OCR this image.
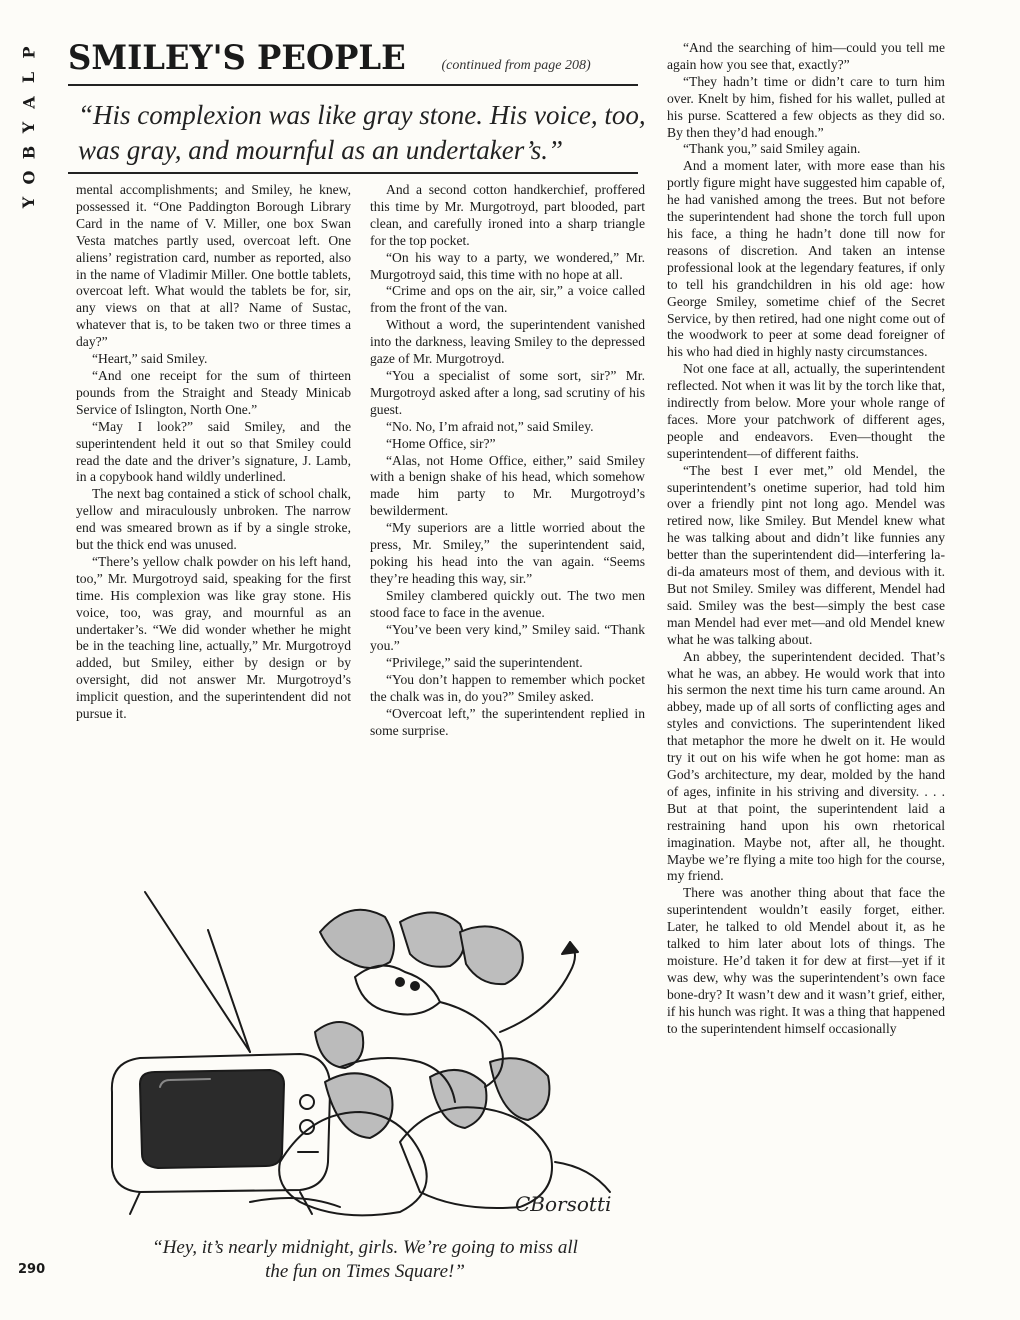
P
L
A
Y
B
O
Y
SMILEY'S PEOPLE	(continued from page 208)
“His complexion was like gray stone. His voice, too, was gray, and mournful as an undertaker’s.”

mental accomplishments; and Smiley, he knew, possessed it. “One Paddington Borough Library Card in the name of V. Miller, one box Swan Vesta matches partly used, overcoat left. One aliens’ registration card, number as reported, also in the name of Vladimir Miller. One bottle tablets, overcoat left. What would the tablets be for, sir, any views on that at all? Name of Sustac, whatever that is, to be taken two or three times a day?”

“Heart,” said Smiley.

“And one receipt for the sum of thirteen pounds from the Straight and Steady Minicab Service of Islington, North One.”

“May I look?” said Smiley, and the superintendent held it out so that Smiley could read the date and the driver’s signature, J. Lamb, in a copybook hand wildly underlined.

The next bag contained a stick of school chalk, yellow and miraculously unbroken. The narrow end was smeared brown as if by a single stroke, but the thick end was unused.

“There’s yellow chalk powder on his left hand, too,” Mr. Murgotroyd said, speaking for the first time. His complexion was like gray stone. His voice, too, was gray, and mournful as an undertaker’s. “We did wonder whether he might be in the teaching line, actually,” Mr. Murgotroyd added, but Smiley, either by design or by oversight, did not answer Mr. Murgotroyd’s implicit question, and the superintendent did not pursue it.

And a second cotton handkerchief, proffered this time by Mr. Murgotroyd, part blooded, part clean, and carefully ironed into a sharp triangle for the top pocket.

“On his way to a party, we wondered,” Mr. Murgotroyd said, this time with no hope at all.

“Crime and ops on the air, sir,” a voice called from the front of the van.

Without a word, the superintendent vanished into the darkness, leaving Smiley to the depressed gaze of Mr. Murgotroyd.

“You a specialist of some sort, sir?” Mr. Murgotroyd asked after a long, sad scrutiny of his guest.

“No. No, I’m afraid not,” said Smiley.

“Home Office, sir?”

“Alas, not Home Office, either,” said Smiley with a benign shake of his head, which somehow made him party to Mr. Murgotroyd’s bewilderment.

“My superiors are a little worried about the press, Mr. Smiley,” the superintendent said, poking his head into the van again. “Seems they’re heading this way, sir.”

Smiley clambered quickly out. The two men stood face to face in the avenue.

“You’ve been very kind,” Smiley said. “Thank you.”

“Privilege,” said the superintendent.

“You don’t happen to remember which pocket the chalk was in, do you?” Smiley asked.

“Overcoat left,” the superintendent replied in some surprise.

“And the searching of him—could you tell me again how you see that, exactly?”

“They hadn’t time or didn’t care to turn him over. Knelt by him, fished for his wallet, pulled at his purse. Scattered a few objects as they did so. By then they’d had enough.”

“Thank you,” said Smiley again.

And a moment later, with more ease than his portly figure might have suggested him capable of, he had vanished among the trees. But not before the superintendent had shone the torch full upon his face, a thing he hadn’t done till now for reasons of discretion. And taken an intense professional look at the legendary features, if only to tell his grandchildren in his old age: how George Smiley, sometime chief of the Secret Service, by then retired, had one night come out of the woodwork to peer at some dead foreigner of his who had died in highly nasty circumstances.

Not one face at all, actually, the superintendent reflected. Not when it was lit by the torch like that, indirectly from below. More your whole range of faces. More your patchwork of different ages, people and endeavors. Even—thought the superintendent—of different faiths.

“The best I ever met,” old Mendel, the superintendent’s onetime superior, had told him over a friendly pint not long ago. Mendel was retired now, like Smiley. But Mendel knew what he was talking about and didn’t like funnies any better than the superintendent did—interfering la-di-da amateurs most of them, and devious with it. But not Smiley. Smiley was different, Mendel had said. Smiley was the best—simply the best case man Mendel had ever met—and old Mendel knew what he was talking about.

An abbey, the superintendent decided. That’s what he was, an abbey. He would work that into his sermon the next time his turn came around. An abbey, made up of all sorts of conflicting ages and styles and convictions. The superintendent liked that metaphor the more he dwelt on it. He would try it out on his wife when he got home: man as God’s architecture, my dear, molded by the hand of ages, infinite in his striving and diversity. . . . But at that point, the superintendent laid a restraining hand upon his own rhetorical imagination. Maybe not, after all, he thought. Maybe we’re flying a mite too high for the course, my friend.

There was another thing about that face the superintendent wouldn’t easily forget, either. Later, he talked to old Mendel about it, as he talked to him later about lots of things. The moisture. He’d taken it for dew at first—yet if it was dew, why was the superintendent’s own face bone-dry? It wasn’t dew and it wasn’t grief, either, if his hunch was right. It was a thing that happened to the superintendent himself occasionally

CBorsotti
“Hey, it’s nearly midnight, girls. We’re going to miss all the fun on Times Square!”
290
